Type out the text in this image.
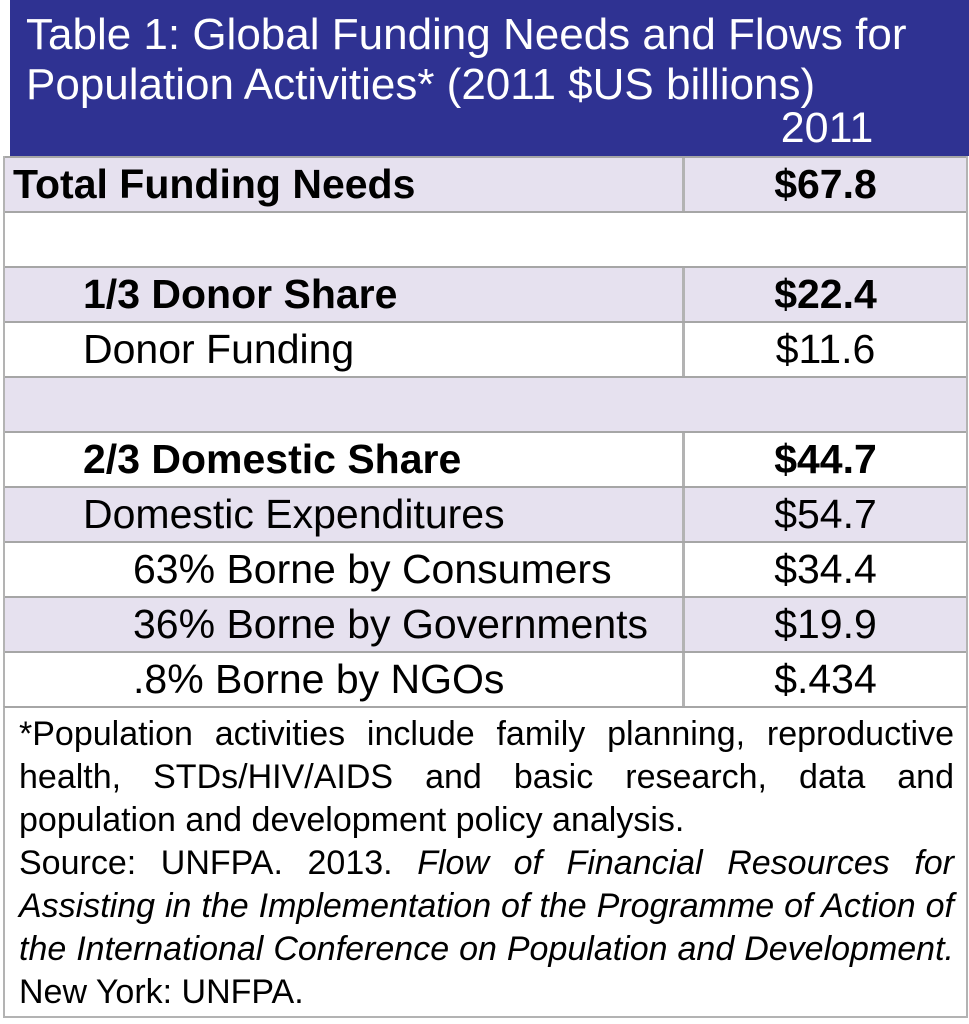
Table 1: Global Funding Needs and Flows for
Population Activities* (2011 $US billions)
2011
Total Funding Needs	$67.8
1/3 Donor Share	$22.4
Donor Funding	$11.6
2/3 Domestic Share	$44.7
Domestic Expenditures	$54.7
63% Borne by Consumers	$34.4
36% Borne by Governments	$19.9
.8% Borne by NGOs	$.434

*Population activities include family planning, reproductive health, STDs/HIV/AIDS and basic research, data and population and development policy analysis.

Source: UNFPA. 2013. Flow of Financial Resources for Assisting in the Implementation of the Programme of Action of the International Conference on Population and Development. New York: UNFPA.
